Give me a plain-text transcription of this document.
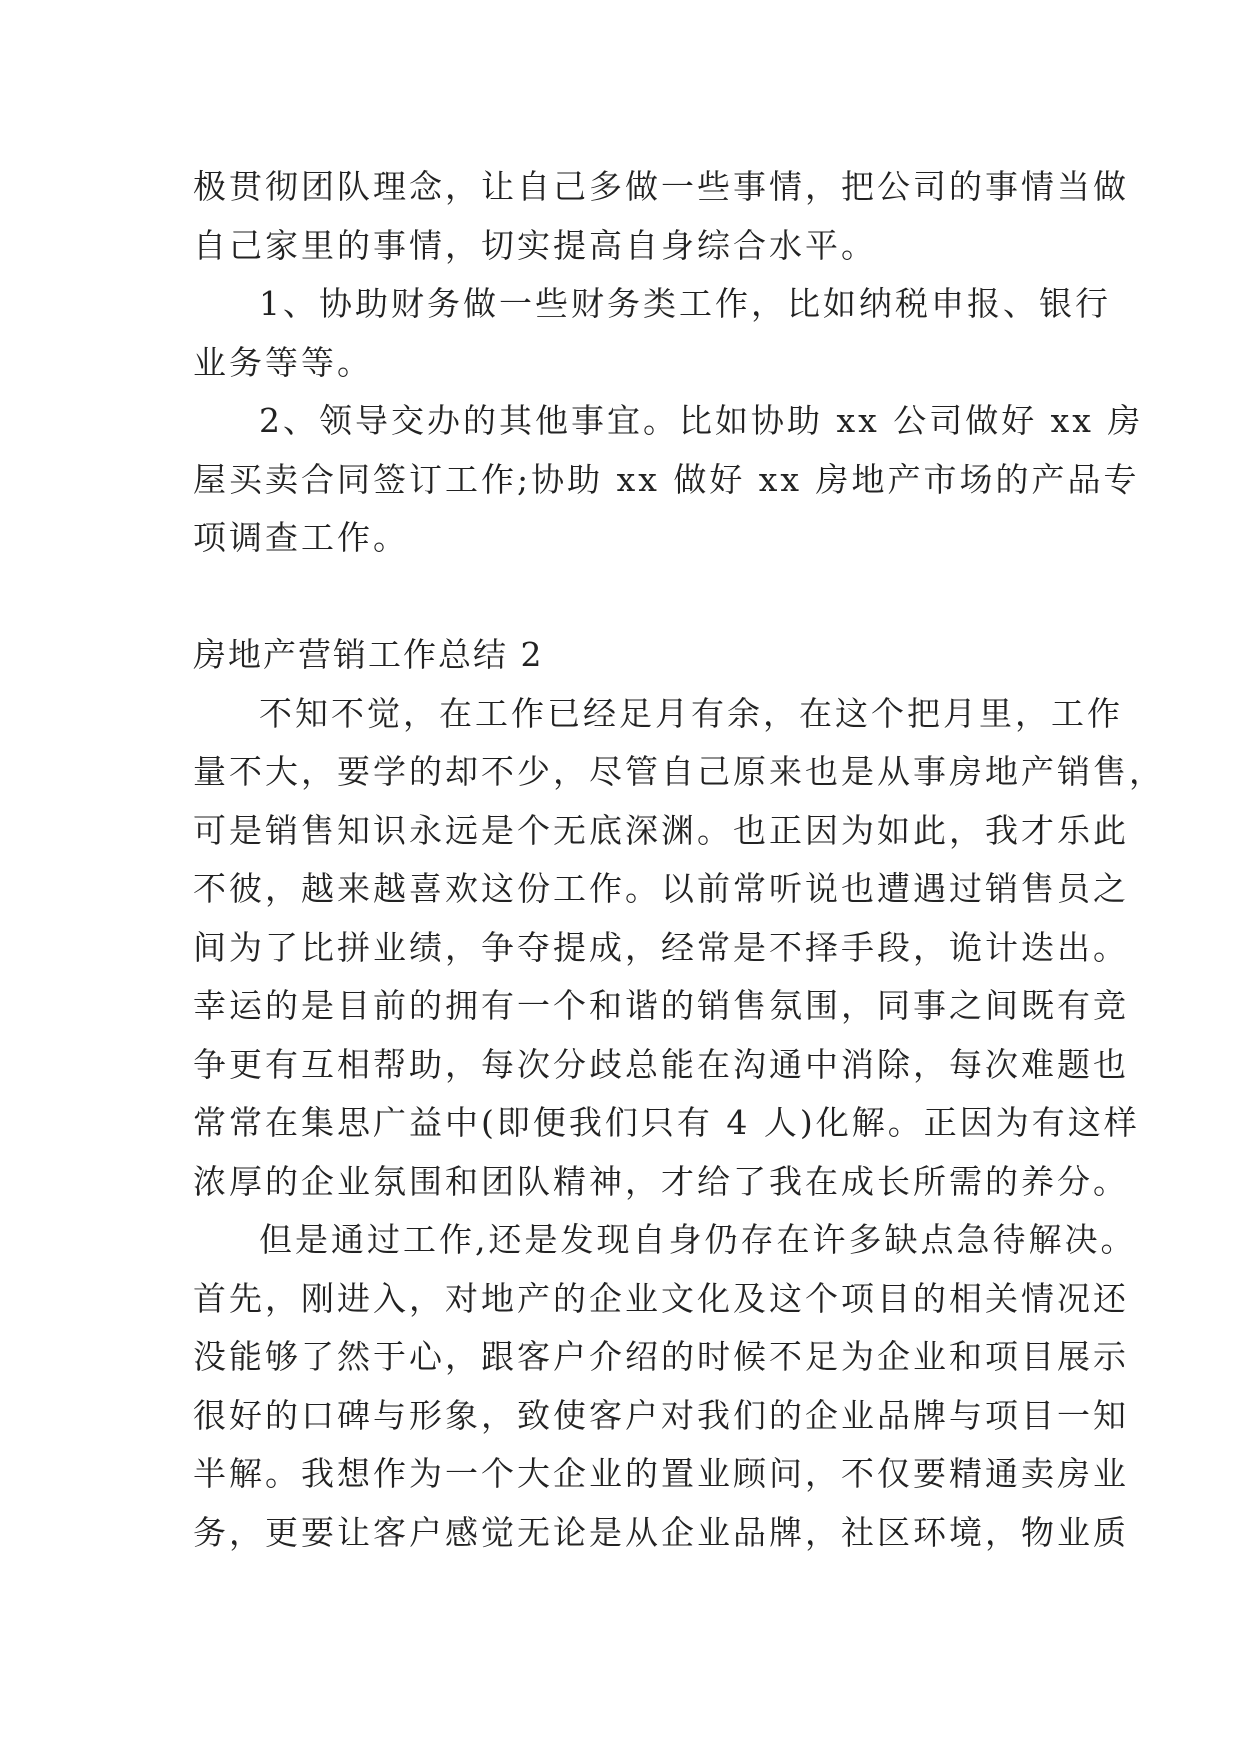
极贯彻团队理念，让自己多做一些事情，把公司的事情当做

自己家里的事情，切实提高自身综合水平。

1、协助财务做一些财务类工作，比如纳税申报、银行

业务等等。

2、领导交办的其他事宜。比如协助 xx 公司做好 xx 房

屋买卖合同签订工作;协助 xx 做好 xx 房地产市场的产品专

项调查工作。

房地产营销工作总结 2

不知不觉，在工作已经足月有余，在这个把月里，工作

量不大，要学的却不少，尽管自己原来也是从事房地产销售，

可是销售知识永远是个无底深渊。也正因为如此，我才乐此

不彼，越来越喜欢这份工作。以前常听说也遭遇过销售员之

间为了比拼业绩，争夺提成，经常是不择手段，诡计迭出。

幸运的是目前的拥有一个和谐的销售氛围，同事之间既有竞

争更有互相帮助，每次分歧总能在沟通中消除，每次难题也

常常在集思广益中(即便我们只有 4 人)化解。正因为有这样

浓厚的企业氛围和团队精神，才给了我在成长所需的养分。

但是通过工作,还是发现自身仍存在许多缺点急待解决。

首先，刚进入，对地产的企业文化及这个项目的相关情况还

没能够了然于心，跟客户介绍的时候不足为企业和项目展示

很好的口碑与形象，致使客户对我们的企业品牌与项目一知

半解。我想作为一个大企业的置业顾问，不仅要精通卖房业

务，更要让客户感觉无论是从企业品牌，社区环境，物业质
